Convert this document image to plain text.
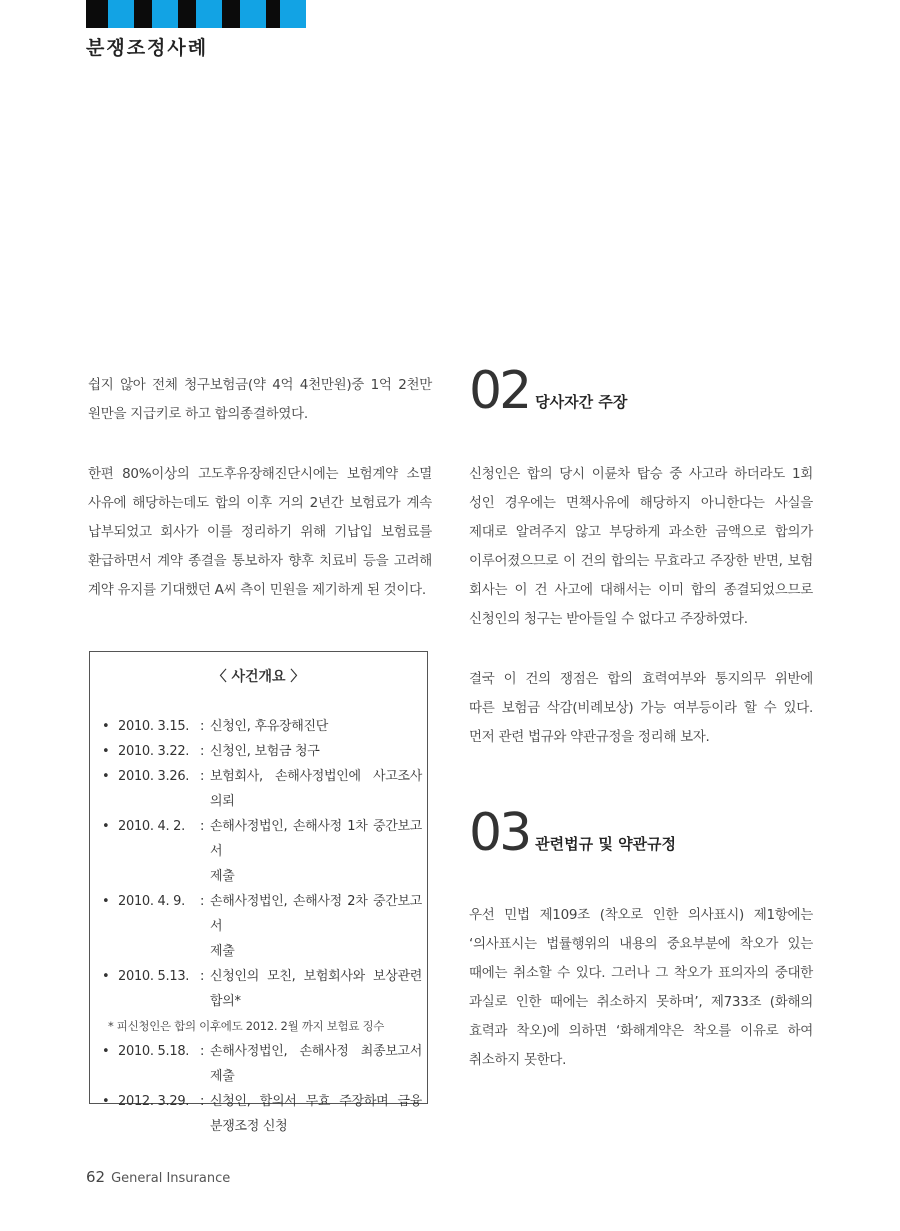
분쟁조정사례
쉽지 않아 전체 청구보험금(약 4억 4천만원)중 1억 2천만
원만을 지급키로 하고 합의종결하였다.
한편 80%이상의 고도후유장해진단시에는 보험계약 소멸
사유에 해당하는데도 합의 이후 거의 2년간 보험료가 계속
납부되었고 회사가 이를 정리하기 위해 기납입 보험료를
환급하면서 계약 종결을 통보하자 향후 치료비 등을 고려해
계약 유지를 기대했던 A씨 측이 민원을 제기하게 된 것이다.
〈 사건개요 〉
• 2010. 3.15. : 신청인, 후유장해진단
• 2010. 3.22. : 신청인, 보험금 청구
• 2010. 3.26. : 보험회사, 손해사정법인에 사고조사
의뢰
• 2010. 4. 2.	: 손해사정법인, 손해사정 1차 중간보고서
제출
• 2010. 4. 9.	: 손해사정법인, 손해사정 2차 중간보고서
제출
• 2010. 5.13. : 신청인의 모친, 보험회사와 보상관련
합의*
* 피신청인은 합의 이후에도 2012. 2월 까지 보험료 징수
• 2010. 5.18. : 손해사정법인, 손해사정 최종보고서
제출
• 2012. 3.29. : 신청인, 합의서 무효 주장하며 금융
분쟁조정 신청
02 당사자간 주장
신청인은 합의 당시 이륜차 탑승 중 사고라 하더라도 1회
성인 경우에는 면책사유에 해당하지 아니한다는 사실을
제대로 알려주지 않고 부당하게 과소한 금액으로 합의가
이루어졌으므로 이 건의 합의는 무효라고 주장한 반면, 보험
회사는 이 건 사고에 대해서는 이미 합의 종결되었으므로
신청인의 청구는 받아들일 수 없다고 주장하였다.
결국 이 건의 쟁점은 합의 효력여부와 통지의무 위반에
따른 보험금 삭감(비례보상) 가능 여부등이라 할 수 있다.
먼저 관련 법규와 약관규정을 정리해 보자.
03 관련법규 및 약관규정
우선 민법 제109조 (착오로 인한 의사표시) 제1항에는
‘의사표시는 법률행위의 내용의 중요부분에 착오가 있는
때에는 취소할 수 있다. 그러나 그 착오가 표의자의 중대한
과실로 인한 때에는 취소하지 못하며’, 제733조 (화해의
효력과 착오)에 의하면 ‘화해계약은 착오를 이유로 하여
취소하지 못한다.
62 General Insurance
